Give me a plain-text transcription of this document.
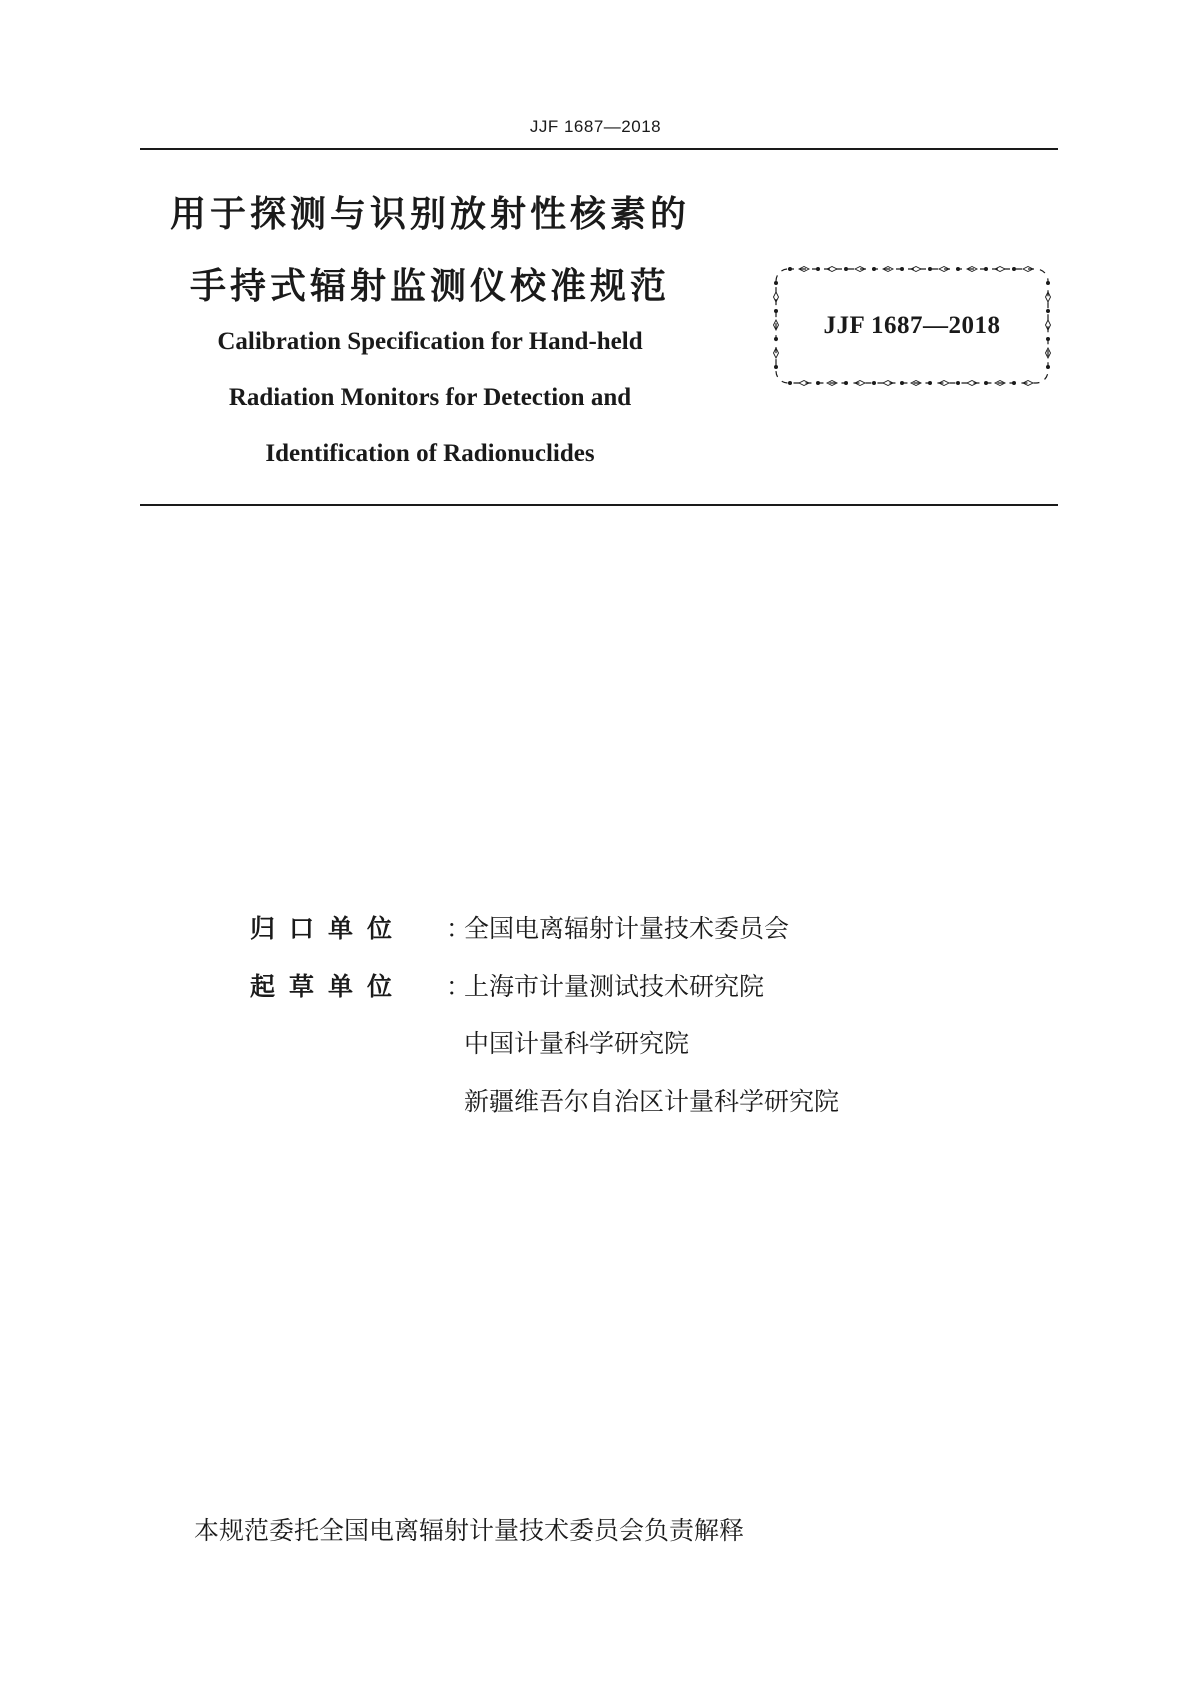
JJF 1687—2018
用于探测与识别放射性核素的
手持式辐射监测仪校准规范
Calibration Specification for Hand-held
Radiation Monitors for Detection and
Identification of Radionuclides
JJF 1687—2018
归口单位 ：全国电离辐射计量技术委员会
起草单位 ：上海市计量测试技术研究院
中国计量科学研究院
新疆维吾尔自治区计量科学研究院
本规范委托全国电离辐射计量技术委员会负责解释
